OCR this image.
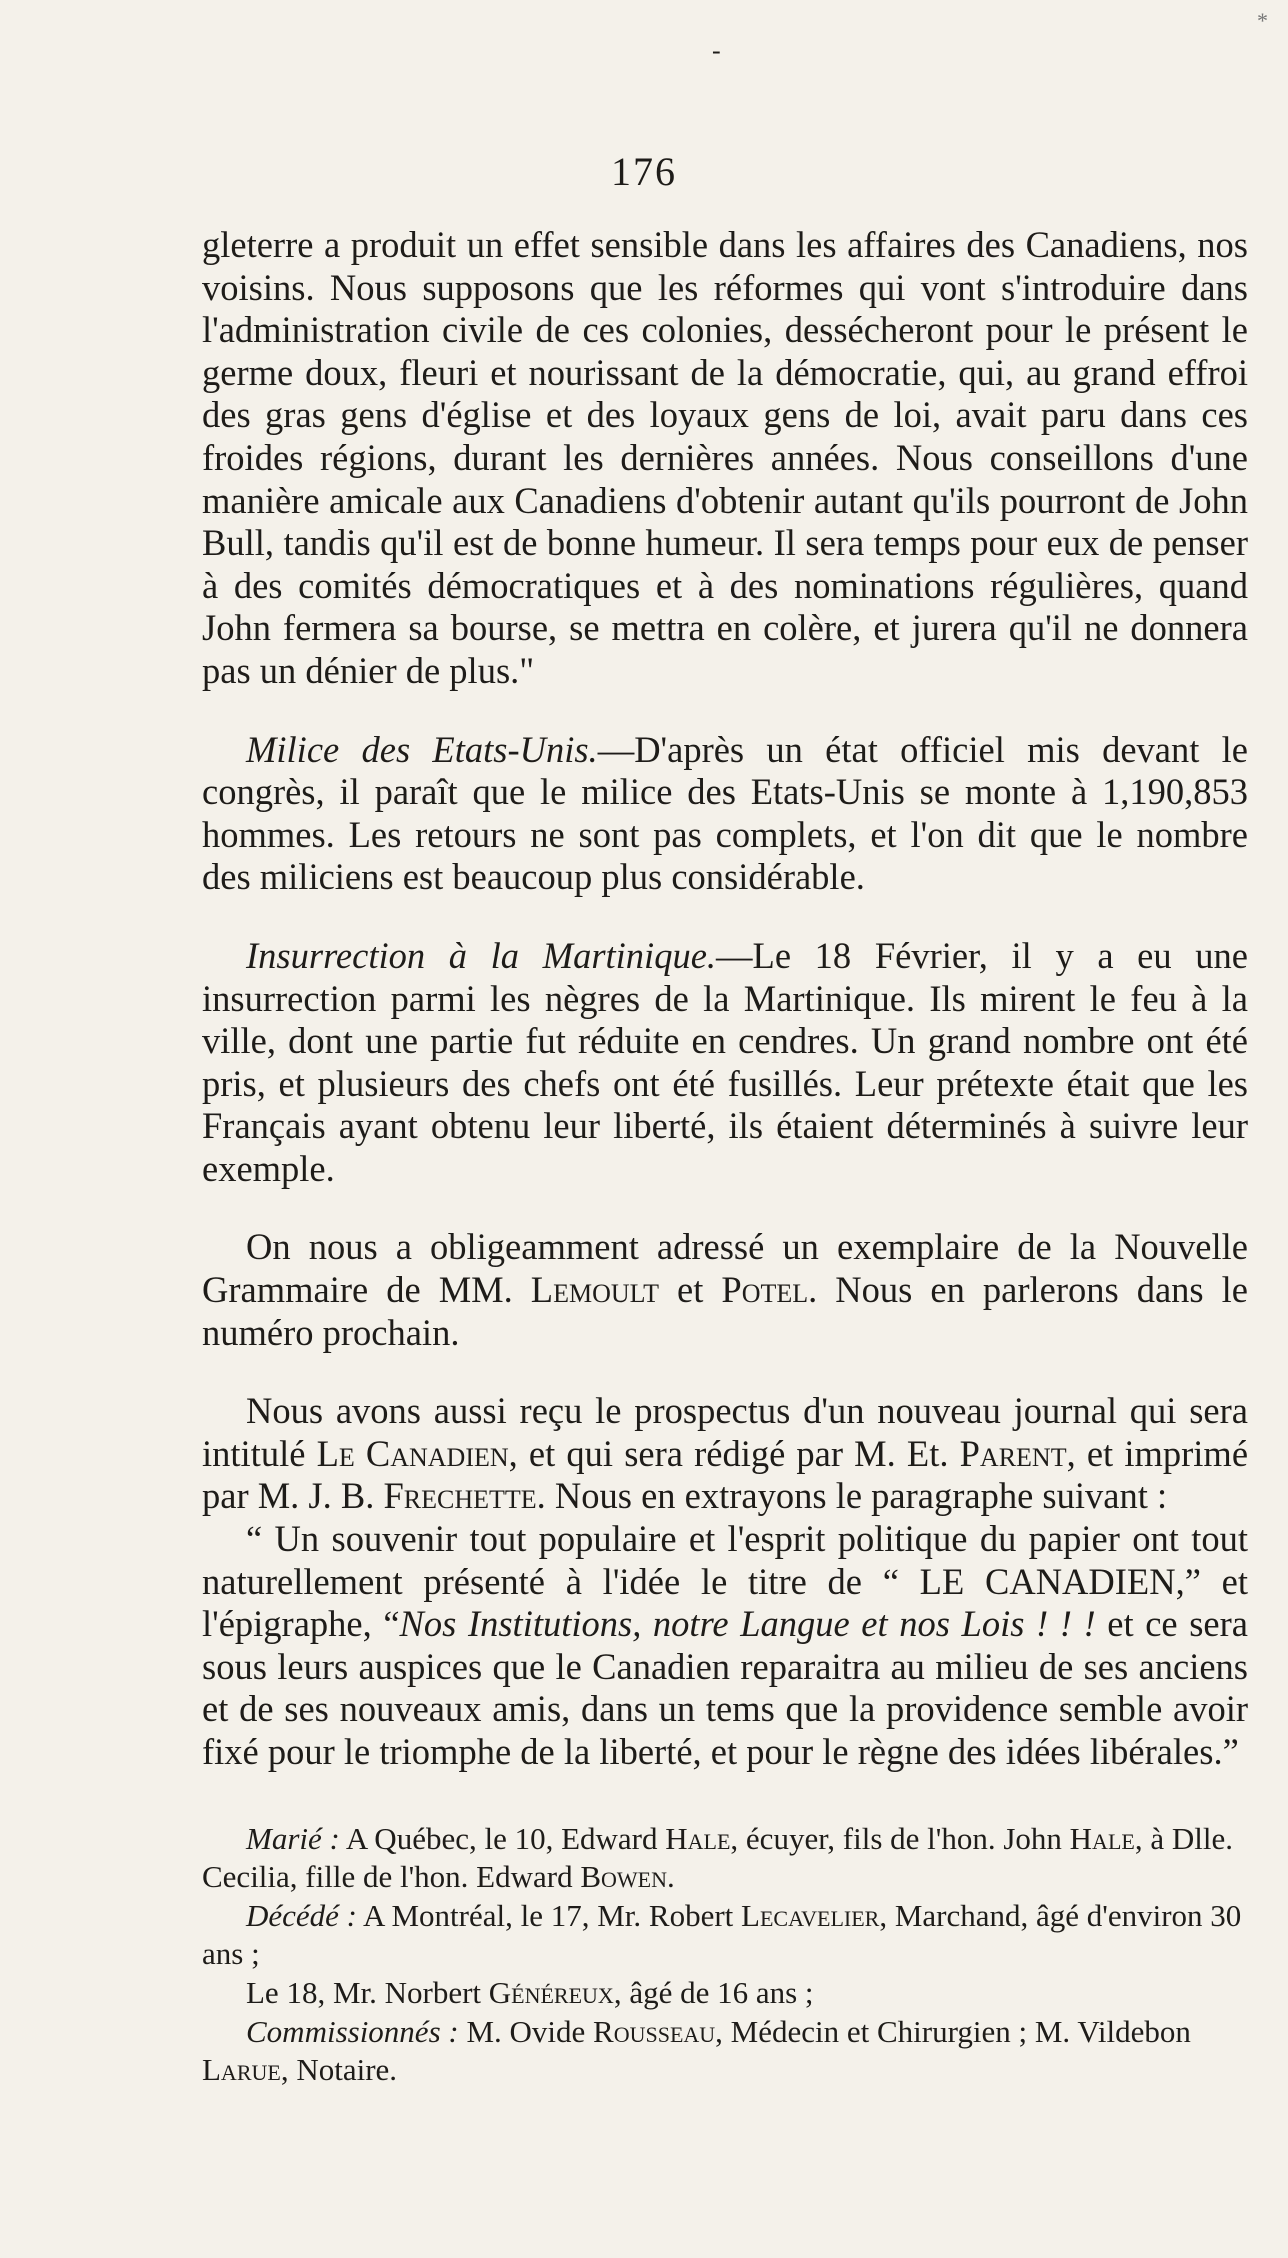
*
-
176

gleterre a produit un effet sensible dans les affaires des Canadiens, nos voisins. Nous supposons que les réformes qui vont s'introduire dans l'administration civile de ces colonies, dessécheront pour le présent le germe doux, fleuri et nourissant de la démocratie, qui, au grand effroi des gras gens d'église et des loyaux gens de loi, avait paru dans ces froides régions, durant les dernières années. Nous conseillons d'une manière amicale aux Canadiens d'obtenir autant qu'ils pourront de John Bull, tandis qu'il est de bonne humeur. Il sera temps pour eux de penser à des comités démocratiques et à des nominations régulières, quand John fermera sa bourse, se mettra en colère, et jurera qu'il ne donnera pas un dénier de plus."

Milice des Etats-Unis.—D'après un état officiel mis devant le congrès, il paraît que le milice des Etats-Unis se monte à 1,190,853 hommes. Les retours ne sont pas complets, et l'on dit que le nombre des miliciens est beaucoup plus considérable.

Insurrection à la Martinique.—Le 18 Février, il y a eu une insurrection parmi les nègres de la Martinique. Ils mirent le feu à la ville, dont une partie fut réduite en cendres. Un grand nombre ont été pris, et plusieurs des chefs ont été fusillés. Leur prétexte était que les Français ayant obtenu leur liberté, ils étaient déterminés à suivre leur exemple.

On nous a obligeamment adressé un exemplaire de la Nouvelle Grammaire de MM. Lemoult et Potel. Nous en parlerons dans le numéro prochain.

Nous avons aussi reçu le prospectus d'un nouveau journal qui sera intitulé Le Canadien, et qui sera rédigé par M. Et. Parent, et imprimé par M. J. B. Frechette. Nous en extrayons le paragraphe suivant :

“ Un souvenir tout populaire et l'esprit politique du papier ont tout naturellement présenté à l'idée le titre de “ LE CANADIEN,” et l'épigraphe, “Nos Institutions, notre Langue et nos Lois ! ! ! et ce sera sous leurs auspices que le Canadien reparaitra au milieu de ses anciens et de ses nouveaux amis, dans un tems que la providence semble avoir fixé pour le triomphe de la liberté, et pour le règne des idées libérales.”

Marié : A Québec, le 10, Edward Hale, écuyer, fils de l'hon. John Hale, à Dlle. Cecilia, fille de l'hon. Edward Bowen.

Décédé : A Montréal, le 17, Mr. Robert Lecavelier, Marchand, âgé d'environ 30 ans ;

Le 18, Mr. Norbert Généreux, âgé de 16 ans ;

Commissionnés : M. Ovide Rousseau, Médecin et Chirurgien ; M. Vildebon Larue, Notaire.
